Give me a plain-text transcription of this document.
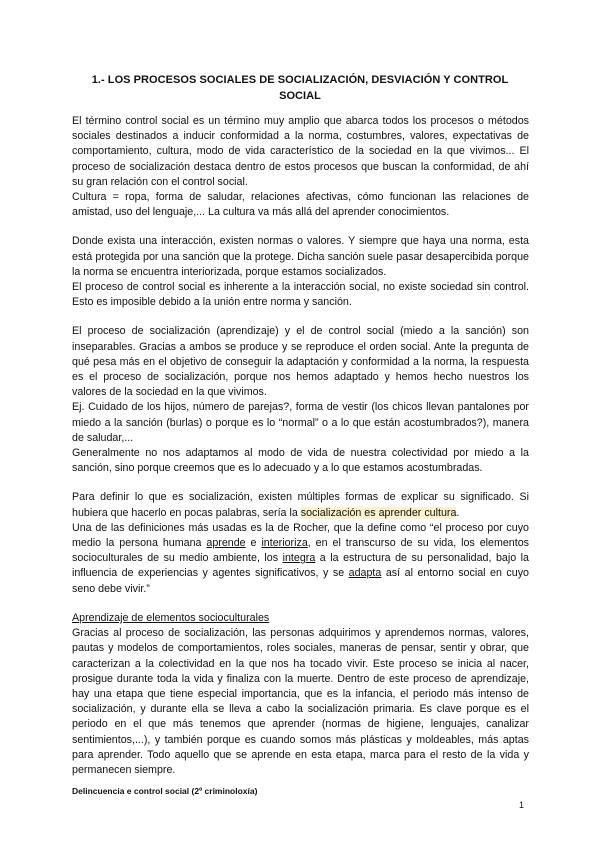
1.- LOS PROCESOS SOCIALES DE SOCIALIZACIÓN, DESVIACIÓN Y CONTROL SOCIAL

El término control social es un término muy amplio que abarca todos los procesos o métodos sociales destinados a inducir conformidad a la norma, costumbres, valores, expectativas de comportamiento, cultura, modo de vida característico de la sociedad en la que vivimos... El proceso de socialización destaca dentro de estos procesos que buscan la conformidad, de ahí su gran relación con el control social.

Cultura = ropa, forma de saludar, relaciones afectivas, cómo funcionan las relaciones de amistad, uso del lenguaje,... La cultura va más allá del aprender conocimientos.

Donde exista una interacción, existen normas o valores. Y siempre que haya una norma, esta está protegida por una sanción que la protege. Dicha sanción suele pasar desapercibida porque la norma se encuentra interiorizada, porque estamos socializados.

El proceso de control social es inherente a la interacción social, no existe sociedad sin control. Esto es imposible debido a la unión entre norma y sanción.

El proceso de socialización (aprendizaje) y el de control social (miedo a la sanción) son inseparables. Gracias a ambos se produce y se reproduce el orden social. Ante la pregunta de qué pesa más en el objetivo de conseguir la adaptación y conformidad a la norma, la respuesta es el proceso de socialización, porque nos hemos adaptado y hemos hecho nuestros los valores de la sociedad en la que vivimos.

Ej. Cuidado de los hijos, número de parejas?, forma de vestir (los chicos llevan pantalones por miedo a la sanción (burlas) o porque es lo “normal” o a lo que están acostumbrados?), manera de saludar,...

Generalmente no nos adaptamos al modo de vida de nuestra colectividad por miedo a la sanción, sino porque creemos que es lo adecuado y a lo que estamos acostumbradas.

Para definir lo que es socialización, existen múltiples formas de explicar su significado. Si hubiera que hacerlo en pocas palabras, sería la socialización es aprender cultura.

Una de las definiciones más usadas es la de Rocher, que la define como “el proceso por cuyo medio la persona humana aprende e interioriza, en el transcurso de su vida, los elementos socioculturales de su medio ambiente, los integra a la estructura de su personalidad, bajo la influencia de experiencias y agentes significativos, y se adapta así al entorno social en cuyo seno debe vivir.”

Aprendizaje de elementos socioculturales

Gracias al proceso de socialización, las personas adquirimos y aprendemos normas, valores, pautas y modelos de comportamientos, roles sociales, maneras de pensar, sentir y obrar, que caracterizan a la colectividad en la que nos ha tocado vivir. Este proceso se inicia al nacer, prosigue durante toda la vida y finaliza con la muerte. Dentro de este proceso de aprendizaje, hay una etapa que tiene especial importancia, que es la infancia, el periodo más intenso de socialización, y durante ella se lleva a cabo la socialización primaria. Es clave porque es el periodo en el que más tenemos que aprender (normas de higiene, lenguajes, canalizar sentimientos,...), y también porque es cuando somos más plásticas y moldeables, más aptas para aprender. Todo aquello que se aprende en esta etapa, marca para el resto de la vida y permanecen siempre.

Delincuencia e control social (2º criminoloxía)
1
